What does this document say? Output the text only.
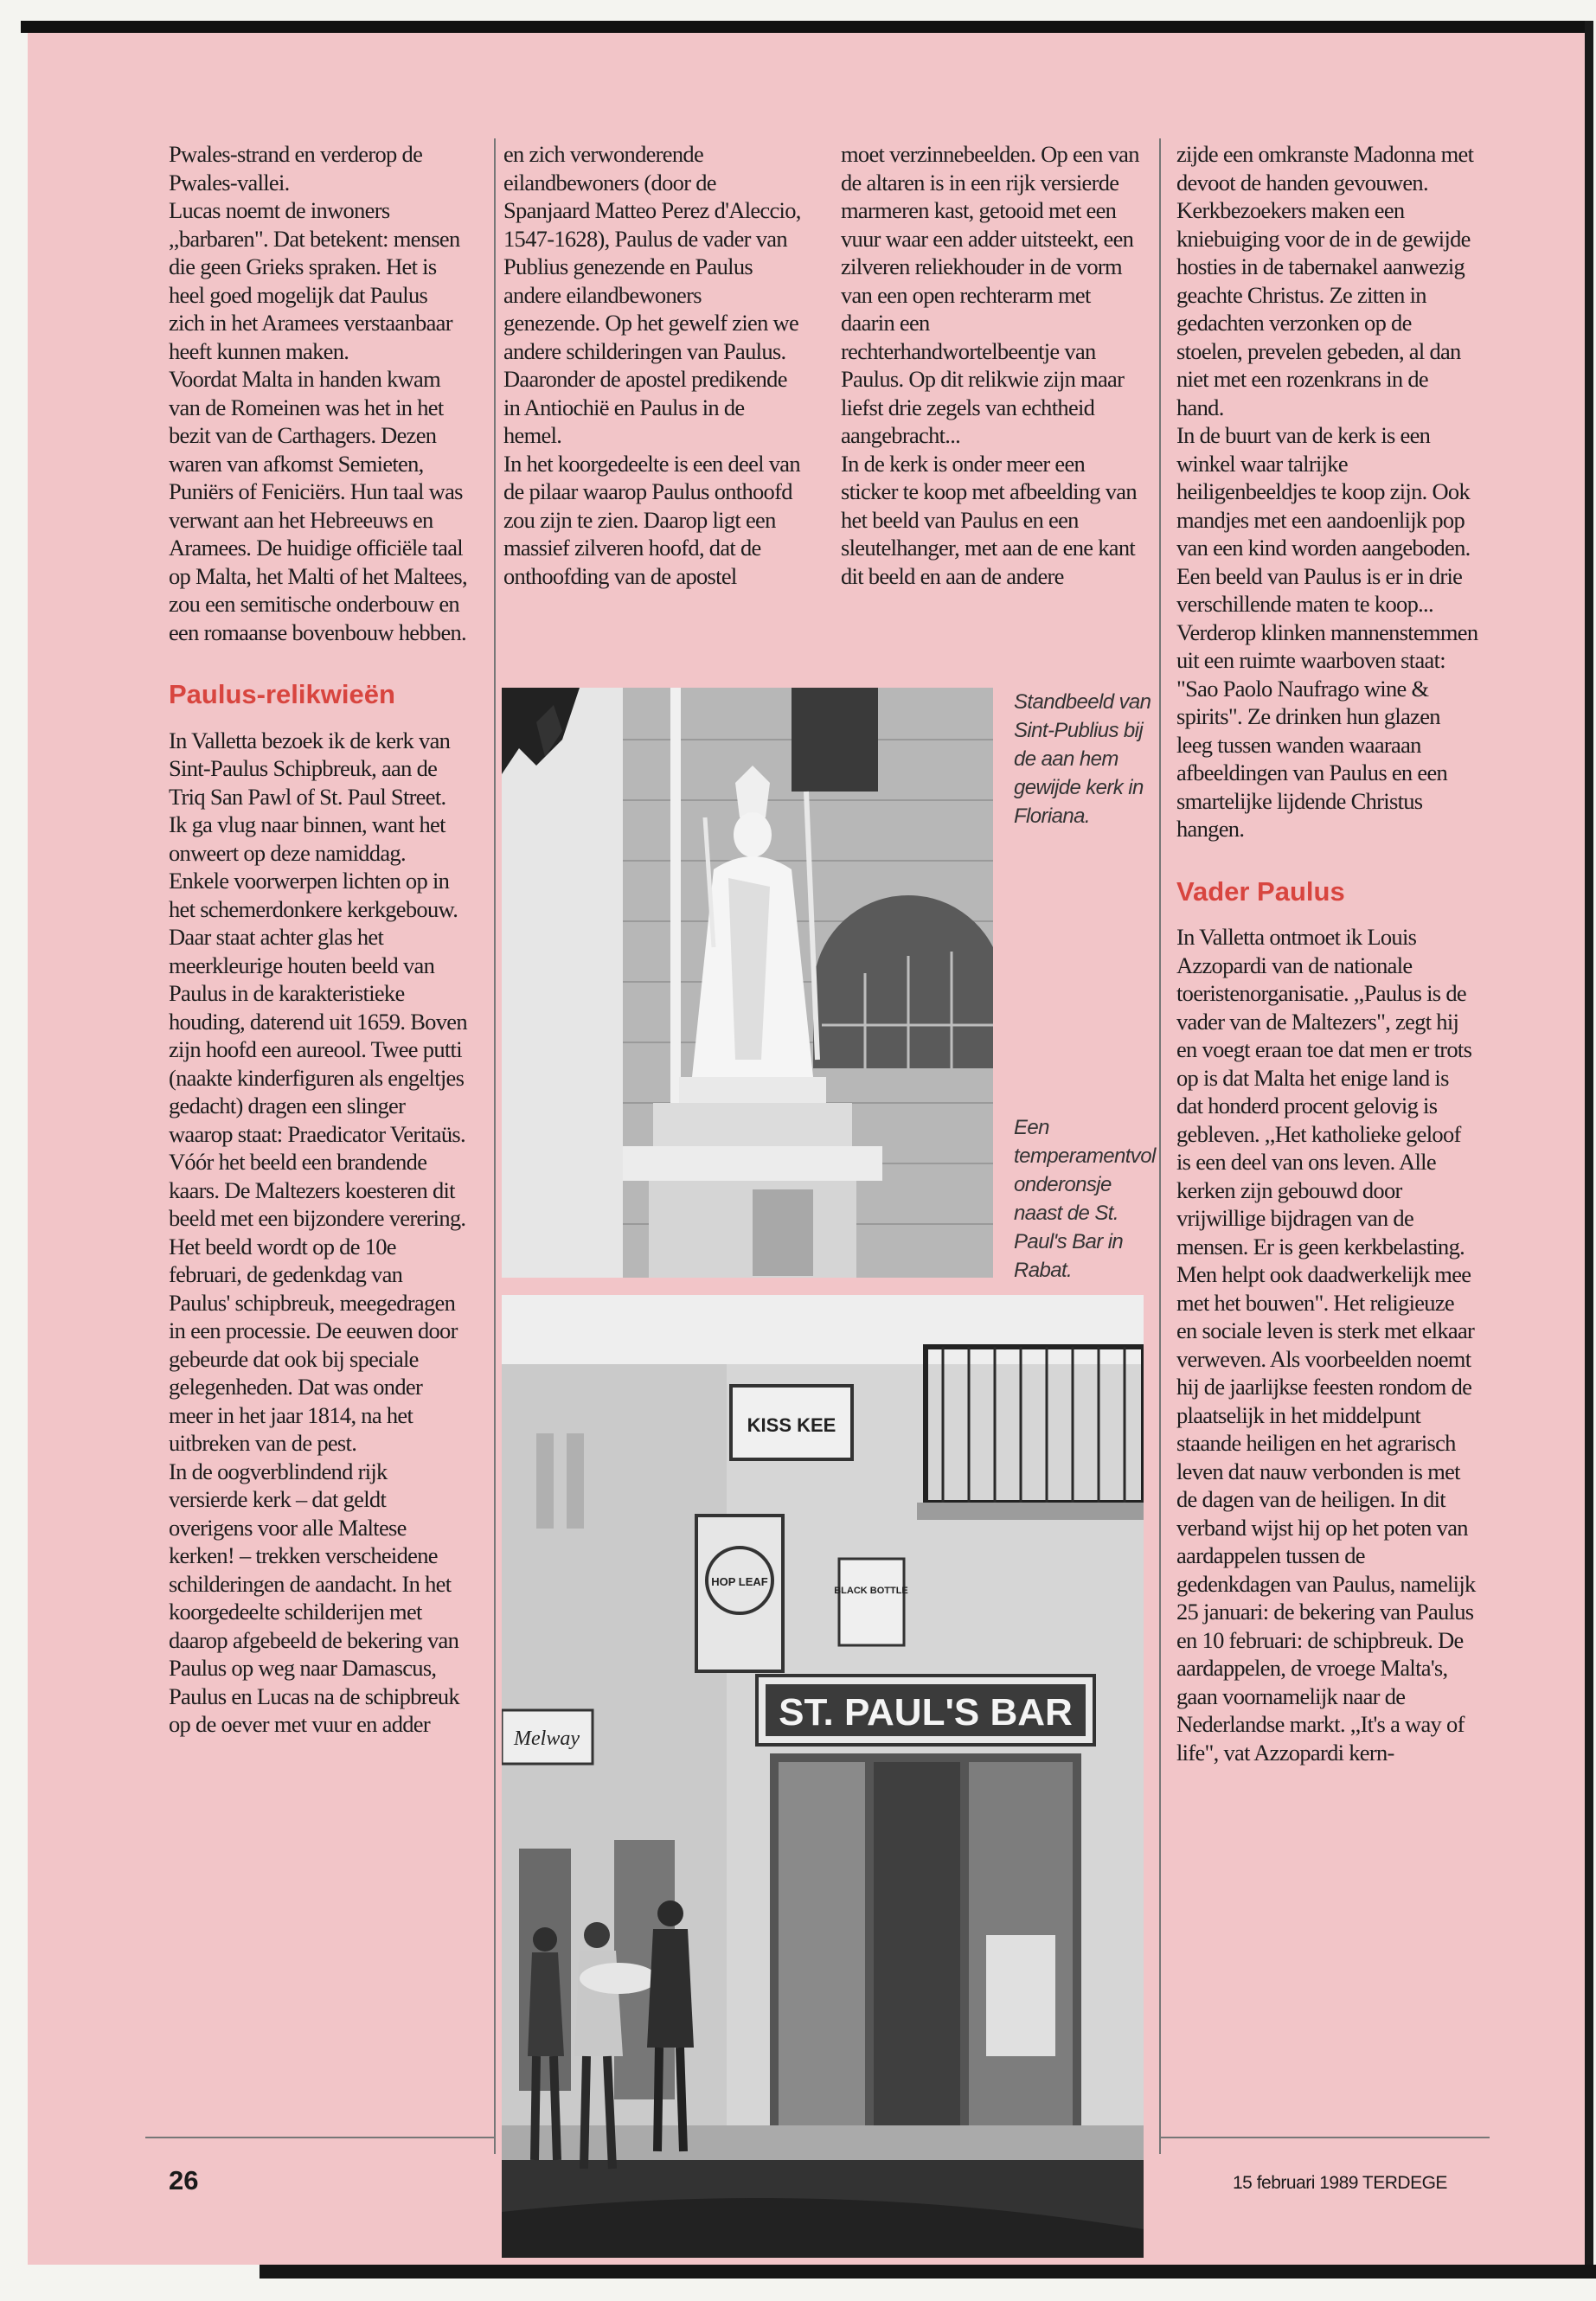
Pwales-strand en verderop de Pwales-vallei.

Lucas noemt de inwoners ,,barbaren". Dat betekent: mensen die geen Grieks spraken. Het is heel goed mogelijk dat Paulus zich in het Aramees verstaanbaar heeft kunnen maken.

Voordat Malta in handen kwam van de Romeinen was het in het bezit van de Carthagers. Dezen waren van afkomst Semieten, Puniërs of Feniciërs. Hun taal was verwant aan het Hebreeuws en Aramees. De huidige officiële taal op Malta, het Malti of het Maltees, zou een semitische onderbouw en een romaanse bovenbouw hebben.

Paulus-relikwieën

In Valletta bezoek ik de kerk van Sint-Paulus Schipbreuk, aan de Triq San Pawl of St. Paul Street. Ik ga vlug naar binnen, want het onweert op deze namiddag. Enkele voorwerpen lichten op in het schemerdonkere kerkgebouw. Daar staat achter glas het meerkleurige houten beeld van Paulus in de karakteristieke houding, daterend uit 1659. Boven zijn hoofd een aureool. Twee putti (naakte kinderfiguren als engeltjes gedacht) dragen een slinger waarop staat: Praedicator Veritaüs. Vóór het beeld een brandende kaars. De Maltezers koesteren dit beeld met een bijzondere verering. Het beeld wordt op de 10e februari, de gedenkdag van Paulus' schipbreuk, meegedragen in een processie. De eeuwen door gebeurde dat ook bij speciale gelegenheden. Dat was onder meer in het jaar 1814, na het uitbreken van de pest.

In de oogverblindend rijk versierde kerk – dat geldt overigens voor alle Maltese kerken! – trekken verscheidene schilderingen de aandacht. In het koorgedeelte schilderijen met daarop afgebeeld de bekering van Paulus op weg naar Damascus, Paulus en Lucas na de schipbreuk op de oever met vuur en adder

en zich verwonderende eilandbewoners (door de Spanjaard Matteo Perez d'Aleccio, 1547-1628), Paulus de vader van Publius genezende en Paulus andere eilandbewoners genezende. Op het gewelf zien we andere schilderingen van Paulus. Daaronder de apostel predikende in Antiochië en Paulus in de hemel.

In het koorgedeelte is een deel van de pilaar waarop Paulus onthoofd zou zijn te zien. Daarop ligt een massief zilveren hoofd, dat de onthoofding van de apostel

moet verzinnebeelden. Op een van de altaren is in een rijk versierde marmeren kast, getooid met een vuur waar een adder uitsteekt, een zilveren reliekhouder in de vorm van een open rechterarm met daarin een rechterhandwortelbeentje van Paulus. Op dit relikwie zijn maar liefst drie zegels van echtheid aangebracht...

In de kerk is onder meer een sticker te koop met afbeelding van het beeld van Paulus en een sleutelhanger, met aan de ene kant dit beeld en aan de andere

zijde een omkranste Madonna met devoot de handen gevouwen.

Kerkbezoekers maken een kniebuiging voor de in de gewijde hosties in de tabernakel aanwezig geachte Christus. Ze zitten in gedachten verzonken op de stoelen, prevelen gebeden, al dan niet met een rozenkrans in de hand.

In de buurt van de kerk is een winkel waar talrijke heiligenbeeldjes te koop zijn. Ook mandjes met een aandoenlijk pop van een kind worden aangeboden. Een beeld van Paulus is er in drie verschillende maten te koop...

Verderop klinken mannenstemmen uit een ruimte waarboven staat: "Sao Paolo Naufrago wine & spirits". Ze drinken hun glazen leeg tussen wanden waaraan afbeeldingen van Paulus en een smartelijke lijdende Christus hangen.

Vader Paulus

In Valletta ontmoet ik Louis Azzopardi van de nationale toeristenorganisatie. ,,Paulus is de vader van de Maltezers", zegt hij en voegt eraan toe dat men er trots op is dat Malta het enige land is dat honderd procent gelovig is gebleven. ,,Het katholieke geloof is een deel van ons leven. Alle kerken zijn gebouwd door vrijwillige bijdragen van de mensen. Er is geen kerkbelasting. Men helpt ook daadwerkelijk mee met het bouwen". Het religieuze en sociale leven is sterk met elkaar verweven. Als voorbeelden noemt hij de jaarlijkse feesten rondom de plaatselijk in het middelpunt staande heiligen en het agrarisch leven dat nauw verbonden is met de dagen van de heiligen. In dit verband wijst hij op het poten van aardappelen tussen de gedenkdagen van Paulus, namelijk 25 januari: de bekering van Paulus en 10 februari: de schipbreuk. De aardappelen, de vroege Malta's, gaan voornamelijk naar de Nederlandse markt. ,,It's a way of life", vat Azzopardi kern-

KISS KEE
HOP LEAF
BLACK BOTTLE
Melway
ST. PAUL'S BAR
Standbeeld van Sint-Publius bij de aan hem gewijde kerk in Floriana.
Een temperamentvol onderonsje naast de St. Paul's Bar in Rabat.
26	15 februari 1989 TERDEGE
